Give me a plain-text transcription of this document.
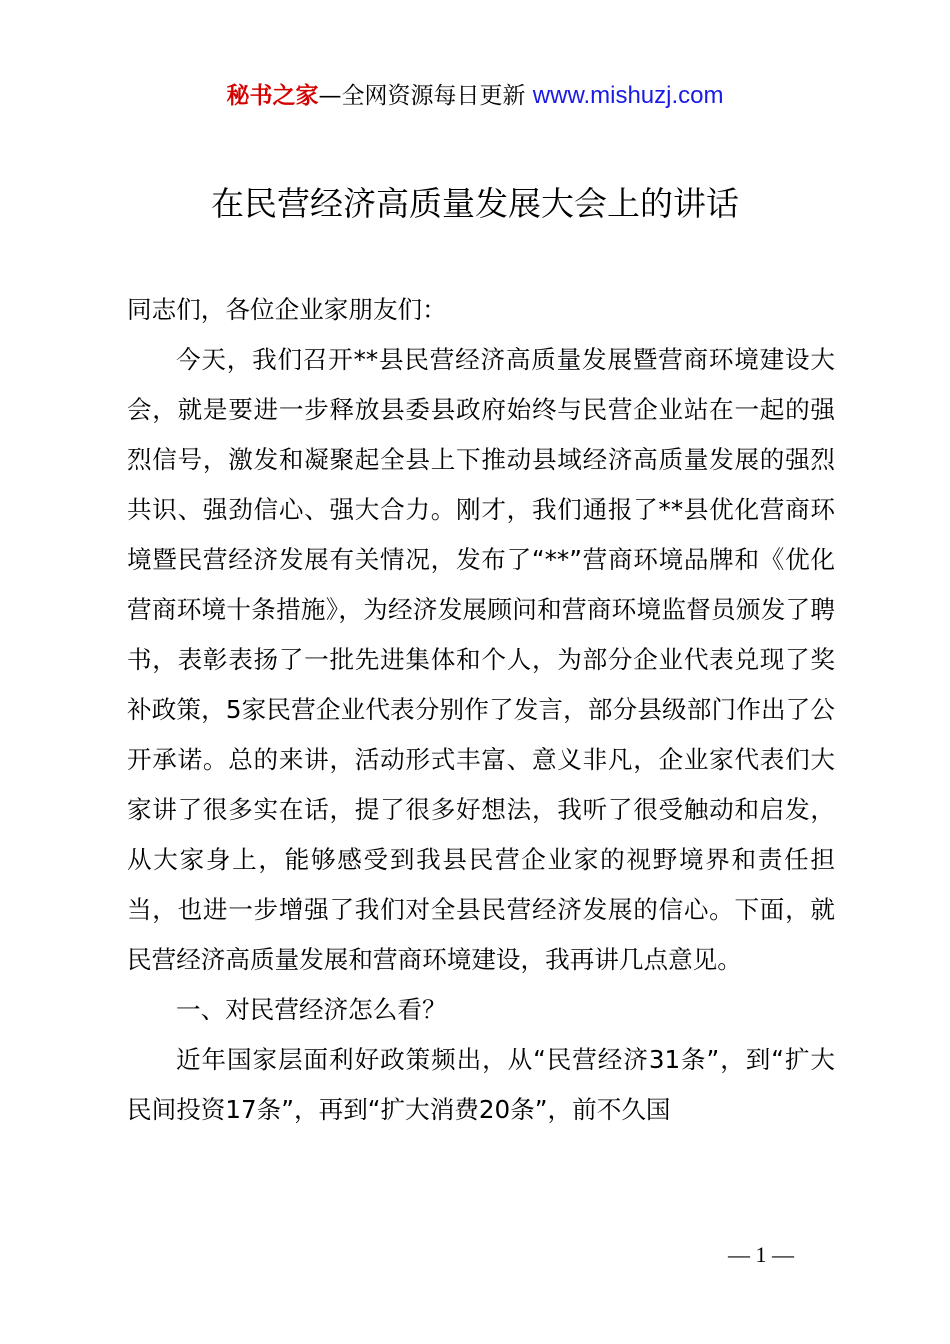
秘书之家—全网资源每日更新 www.mishuzj.com
在民营经济高质量发展大会上的讲话

同志们，各位企业家朋友们：

今天，我们召开**县民营经济高质量发展暨营商环境建设大会，就是要进一步释放县委县政府始终与民营企业站在一起的强烈信号，激发和凝聚起全县上下推动县域经济高质量发展的强烈共识、强劲信心、强大合力。刚才，我们通报了**县优化营商环境暨民营经济发展有关情况，发布了“**”营商环境品牌和《优化营商环境十条措施》，为经济发展顾问和营商环境监督员颁发了聘书，表彰表扬了一批先进集体和个人，为部分企业代表兑现了奖补政策，5家民营企业代表分别作了发言，部分县级部门作出了公开承诺。总的来讲，活动形式丰富、意义非凡，企业家代表们大家讲了很多实在话，提了很多好想法，我听了很受触动和启发，从大家身上，能够感受到我县民营企业家的视野境界和责任担当，也进一步增强了我们对全县民营经济发展的信心。下面，就民营经济高质量发展和营商环境建设，我再讲几点意见。

一、对民营经济怎么看？

近年国家层面利好政策频出，从“民营经济31条”，到“扩大民间投资17条”，再到“扩大消费20条”，前不久国

— 1 —
